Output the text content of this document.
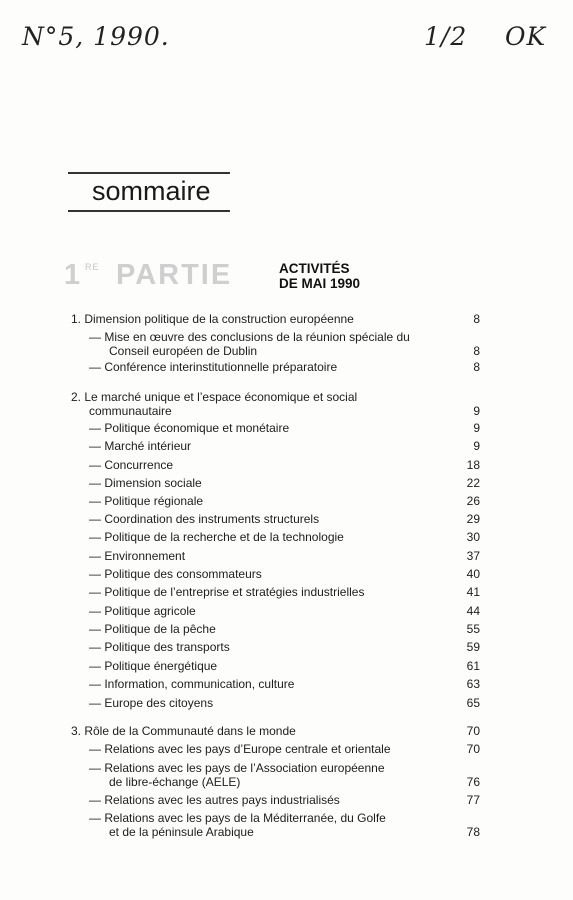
N°5, 1990.	1/2 OK
sommaire
1 RE PARTIE	ACTIVITÉS
DE MAI 1990
1. Dimension politique de la construction européenne	8
— Mise en œuvre des conclusions de la réunion spéciale du
Conseil européen de Dublin	8
— Conférence interinstitutionnelle préparatoire	8
2. Le marché unique et l’espace économique et social
communautaire	9
— Politique économique et monétaire	9
— Marché intérieur	9
— Concurrence	18
— Dimension sociale	22
— Politique régionale	26
— Coordination des instruments structurels	29
— Politique de la recherche et de la technologie	30
— Environnement	37
— Politique des consommateurs	40
— Politique de l’entreprise et stratégies industrielles	41
— Politique agricole	44
— Politique de la pêche	55
— Politique des transports	59
— Politique énergétique	61
— Information, communication, culture	63
— Europe des citoyens	65
3. Rôle de la Communauté dans le monde	70
— Relations avec les pays d’Europe centrale et orientale	70
— Relations avec les pays de l’Association européenne
de libre-échange (AELE)	76
— Relations avec les autres pays industrialisés	77
— Relations avec les pays de la Méditerranée, du Golfe
et de la péninsule Arabique	78
